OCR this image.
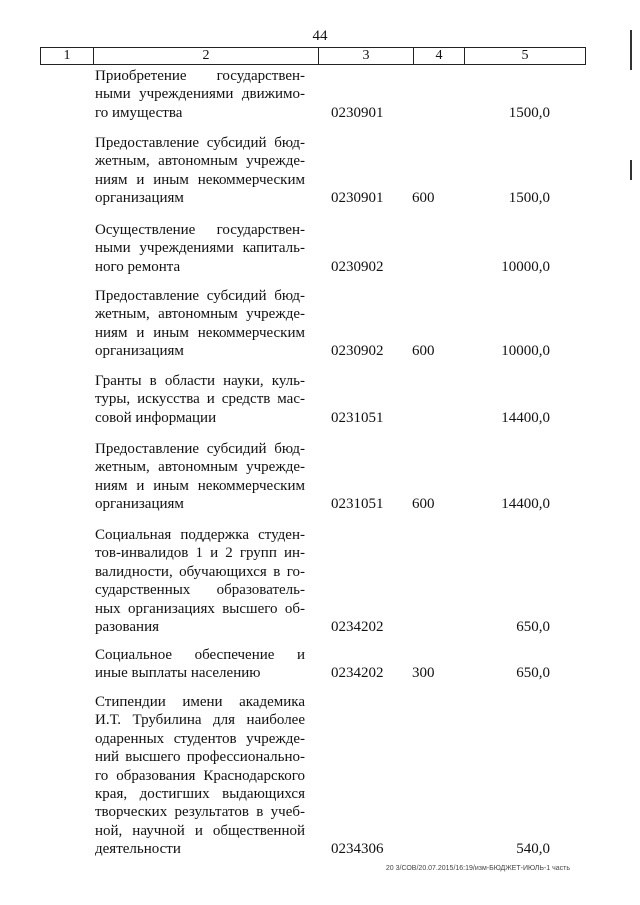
44
1	2	3	4	5
Приобретение государствен-
ными учреждениями движимо-
го имущества	0230901	1500,0
Предоставление субсидий бюд-
жетным, автономным учрежде-
ниям и иным некоммерческим
организациям	0230901 600	1500,0
Осуществление государствен-
ными учреждениями капиталь-
ного ремонта	0230902	10000,0
Предоставление субсидий бюд-
жетным, автономным учрежде-
ниям и иным некоммерческим
организациям	0230902 600	10000,0
Гранты в области науки, куль-
туры, искусства и средств мас-
совой информации	0231051	14400,0
Предоставление субсидий бюд-
жетным, автономным учрежде-
ниям и иным некоммерческим
организациям	0231051 600	14400,0
Социальная поддержка студен-
тов-инвалидов 1 и 2 групп ин-
валидности, обучающихся в го-
сударственных образователь-
ных организациях высшего об-
разования	0234202	650,0
Социальное обеспечение и
иные выплаты населению	0234202 300	650,0
Стипендии имени академика
И.Т. Трубилина для наиболее
одаренных студентов учрежде-
ний высшего профессионально-
го образования Краснодарского
края, достигших выдающихся
творческих результатов в учеб-
ной, научной и общественной
деятельности	0234306	540,0
20 3/СОВ/20.07.2015/16:19/изм-БЮДЖЕТ-ИЮЛЬ-1 часть
